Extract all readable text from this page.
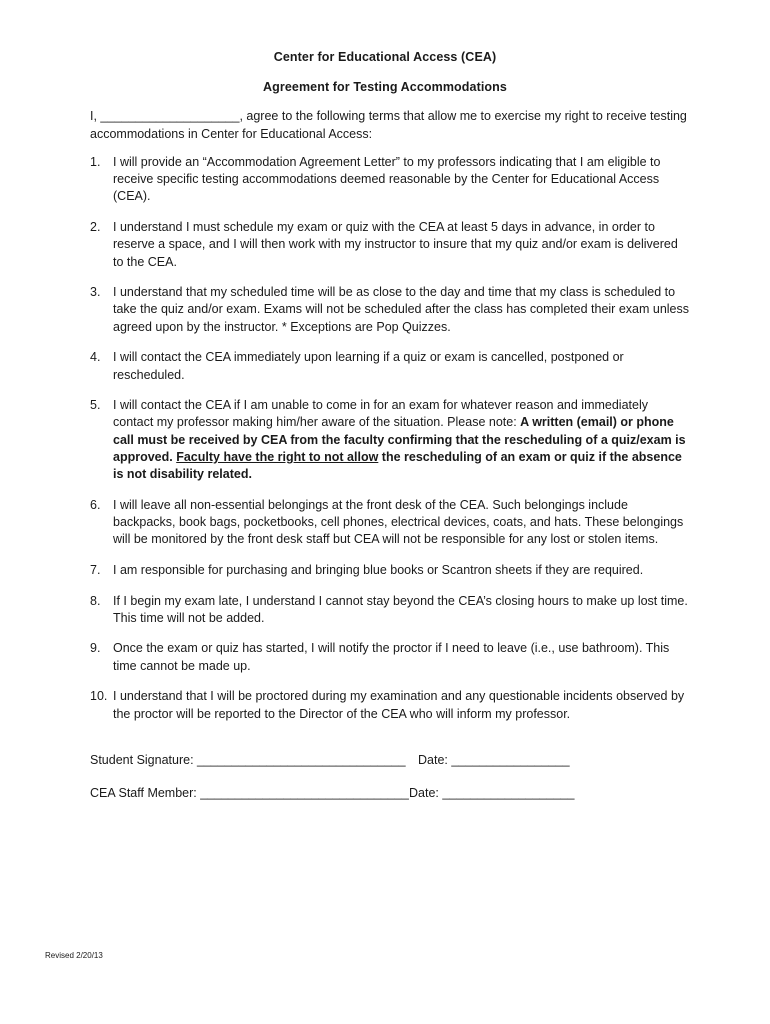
Center for Educational Access (CEA)
Agreement for Testing Accommodations

I, ____________________, agree to the following terms that allow me to exercise my right to receive testing accommodations in Center for Educational Access:

1. I will provide an “Accommodation Agreement Letter” to my professors indicating that I am eligible to receive specific testing accommodations deemed reasonable by the Center for Educational Access (CEA).
2. I understand I must schedule my exam or quiz with the CEA at least 5 days in advance, in order to reserve a space, and I will then work with my instructor to insure that my quiz and/or exam is delivered to the CEA.
3. I understand that my scheduled time will be as close to the day and time that my class is scheduled to take the quiz and/or exam. Exams will not be scheduled after the class has completed their exam unless agreed upon by the instructor. * Exceptions are Pop Quizzes.
4. I will contact the CEA immediately upon learning if a quiz or exam is cancelled, postponed or rescheduled.
5. I will contact the CEA if I am unable to come in for an exam for whatever reason and immediately contact my professor making him/her aware of the situation. Please note: A written (email) or phone call must be received by CEA from the faculty confirming that the rescheduling of a quiz/exam is approved. Faculty have the right to not allow the rescheduling of an exam or quiz if the absence is not disability related.
6. I will leave all non-essential belongings at the front desk of the CEA. Such belongings include backpacks, book bags, pocketbooks, cell phones, electrical devices, coats, and hats. These belongings will be monitored by the front desk staff but CEA will not be responsible for any lost or stolen items.
7. I am responsible for purchasing and bringing blue books or Scantron sheets if they are required.
8. If I begin my exam late, I understand I cannot stay beyond the CEA’s closing hours to make up lost time. This time will not be added.
9. Once the exam or quiz has started, I will notify the proctor if I need to leave (i.e., use bathroom). This time cannot be made up.
10. I understand that I will be proctored during my examination and any questionable incidents observed by the proctor will be reported to the Director of the CEA who will inform my professor.
Student Signature: ______________________________ Date: _________________
CEA Staff Member: ______________________________ Date: ___________________
Revised 2/20/13
